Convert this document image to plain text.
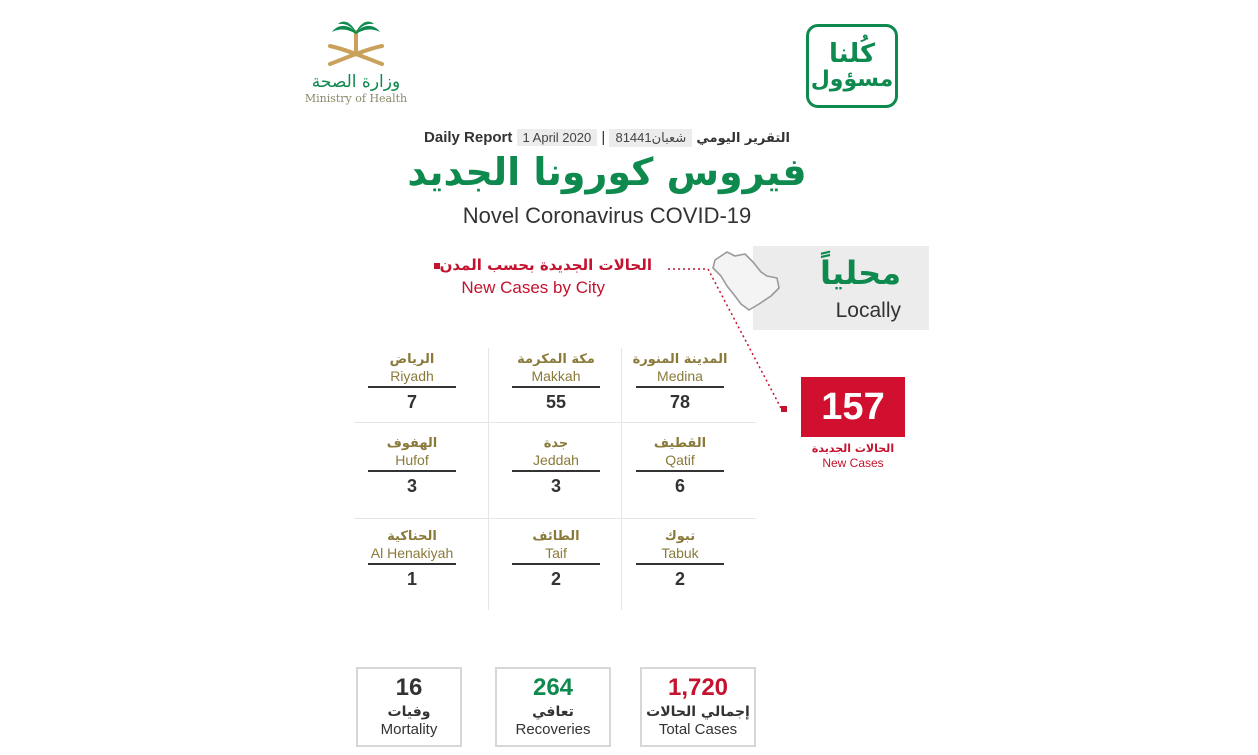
وزارة الصحة
Ministry of Health
كُلنا
مسؤول
Daily Report 1 April 2020 | 8شعبان1441 التقرير اليومي
فيروس كورونا الجديد
Novel Coronavirus COVID-19
محلياً
Locally
الحالات الجديدة بحسب المدن
New Cases by City
157
الحالات الجديدة
New Cases
المدينة المنورة
Medina
78
مكة المكرمة
Makkah
55
الرياض
Riyadh
7
القطيف
Qatif
6
جدة
Jeddah
3
الهفوف
Hufof
3
تبوك
Tabuk
2
الطائف
Taif
2
الحناكية
Al Henakiyah
1
16
وفيات
Mortality
264
تعافي
Recoveries
1,720
إجمالي الحالات
Total Cases
